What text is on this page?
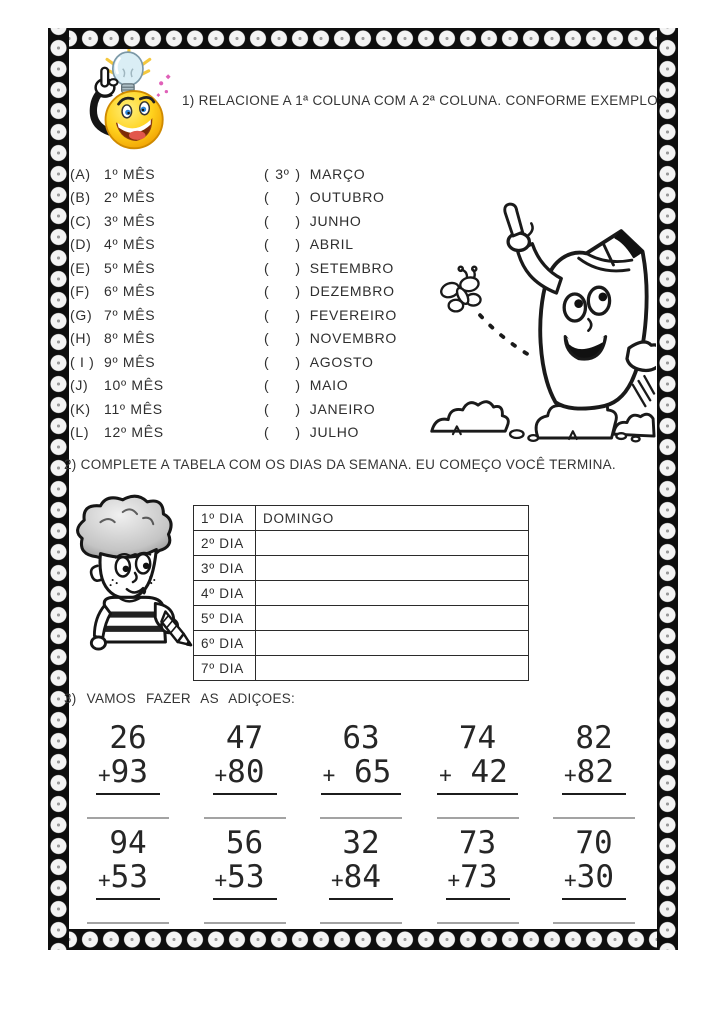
1) RELACIONE A 1ª COLUNA COM A 2ª COLUNA. CONFORME EXEMPLO:
2) COMPLETE A TABELA COM OS DIAS DA SEMANA. EU COMEÇO VOCÊ TERMINA.
3) VAMOS FAZER AS ADIÇOES:
(A) 1º MÊS	( 3º ) MARÇO
(B) 2º MÊS	( ) OUTUBRO
(C) 3º MÊS	( ) JUNHO
(D) 4º MÊS	( ) ABRIL
(E) 5º MÊS	( ) SETEMBRO
(F)	6º MÊS	( ) DEZEMBRO
(G) 7º MÊS	( ) FEVEREIRO
(H) 8º MÊS	( ) NOVEMBRO
( I ) 9º MÊS	( ) AGOSTO
(J)	10º MÊS	( ) MAIO
(K) 11º MÊS	( ) JANEIRO
(L)	12º MÊS	( ) JULHO
1º DIA	DOMINGO
2º DIA	
3º DIA	
4º DIA	
5º DIA	
6º DIA	
7º DIA	
26
+93
47
+80
63
+ 65
74
+ 42
82
+82
94
+53
56
+53
32
+84
73
+73
70
+30
